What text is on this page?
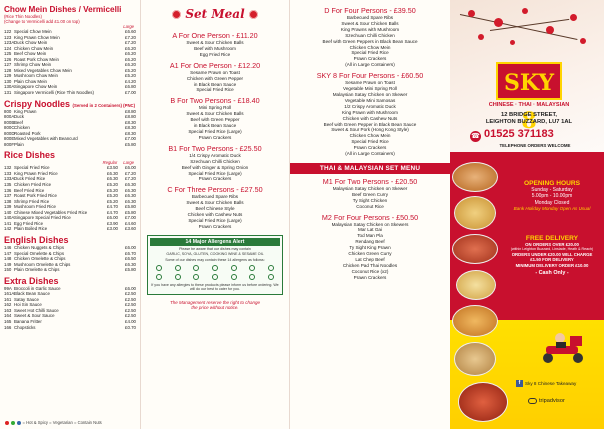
Chow Mein Dishes / Vermicelli
(Rice Thin Noodles)
(Change to Vermicelli add £1.00 on top)
Large
122 Special Chow Mein	£6.60
123 King Prawn Chow Mein	£7.20
123A Duck Chow Mein	£7.20
124 Chicken Chow Mein	£6.20
125 Beef Chow Mein	£6.20
126 Roast Pork Chow Mein	£6.20
127 Shrimp Chow Mein	£6.20
128 Mixed Vegetables Chow Mein	£5.20
129 Mushroom Chow Mein	£5.20
130 Plain Chow Mein	£4.20
130A Singapore Chow Mein	£6.80
131 Singapore Vermicelli (Rice Thin Noodles)	£7.00
Crispy Noodles (Served in 2 Containers) (PNC)
800 King Prawn	£8.80
800A Duck	£8.80
800B Beef	£8.30
800C Chicken	£8.30
800D Roasted Pork	£8.30
800E Mixed Vegetables with Beancurd	£7.00
800F Plain	£5.80
Rice Dishes
Regular Large
132 Special Fried Rice	£3.50	£6.00
133 King Prawn Fried Rice	£6.30	£7.20
133A Duck Fried Rice	£6.30	£7.20
135 Chicken Fried Rice	£5.20	£6.30
136 Beef Fried Rice	£5.20	£6.30
137 Roast Pork Fried Rice	£5.20	£6.30
138 Shrimp Fried Rice	£5.20	£6.30
139 Mushroom Fried Rice	£4.70	£5.80
140 Chinese Mixed Vegetables Fried Rice	£4.70	£5.80
140A Singapore Special Fried Rice	£6.00	£7.00
141 Egg Fried Rice	£3.90	£4.60
142 Plain Boiled Rice	£3.00	£3.60
English Dishes
146 Chicken Nuggets & Chips	£6.00
147 Special Omelette & Chips	£6.70
148 Chicken Omelette & Chips	£6.50
149 Mushroom Omelette & Chips	£6.30
150 Plain Omelette & Chips	£5.80
Extra Dishes
99A Broccoli in Garlic Sauce	£6.00
161A Black Bean Sauce	£2.50
161 Satay Sauce	£2.50
162 Hoi Sin Sauce	£2.50
163 Sweet Hot Chilli Sauce	£2.50
164 Sweet & Sour Sauce	£2.50
165 Banana Fritter	£4.00
166 Chopsticks	£0.70
= Hot & Spicy = Vegetarian = Contain Nuts
Set Meal
A For One Person - £11.20
Sweet & Sour Chicken Balls
Beef with Mushroom
Egg Fried Rice
A1 For One Person - £12.20
Sesame Prawn on Toast
Chicken with Green Pepper
in Black Bean Sauce
Special Fried Rice
B For Two Persons - £18.40
Mini Spring Roll
Sweet & Sour Chicken Balls
Beef with Green Pepper
in Black Bean Sauce
Special Fried Rice (Large)
Prawn Crackers
B1 For Two Persons - £25.50
1/4 Crispy Aromatic Duck
Szechuan Chilli Chicken
Beef with Ginger & Spring Onion
Special Fried Rice (Large)
Prawn Crackers
C For Three Persons - £27.50
Barbecued Spare Ribs
Sweet & Sour Chicken Balls
Beef Chinese Style
Chicken with Cashew Nuts
Special Fried Rice (Large)
Prawn Crackers
14 Major Allergens Alert
Please be aware that our dishes may contain
GARLIC, SOYA, GLUTEN, COOKING WINE & SESAME OIL
Some of our dishes may contain these 14 allergens as follows:
If you have any allergies to these products please inform us before ordering. We will do our best to cater for you.
The Management reserve the right to change
the price without notice.
D For Four Persons - £39.50
Barbecued Spare Ribs
Sweet & Sour Chicken Balls
King Prawns with Mushroom
Szechuan Chilli Chicken
Beef with Green Peppers in Black Bean Sauce
Chicken Chow Mein
Special Fried Rice
Prawn Crackers
(All in Large Containers)
SKY 8 For Four Persons - £60.50
Sesame Prawn on Toast
Vegetable Mini Spring Roll
Malaysian Satay Chicken on Skewer
Vegetable Mini Samosas
1/2 Crispy Aromatic Duck
King Prawn with Mushroom
Chicken with Cashew Nuts
Beef with Green Pepper in Black Bean Sauce
Sweet & Sour Pork (Hong Kong Style)
Chicken Chow Mein
Special Fried Rice
Prawn Crackers
(All in Large Containers)
THAI & MALAYSIAN SET MENU
M1 For Two Persons - £20.50
Malaysian Satay Chicken on Skewer
Beef Green Curry
Ty Sight Chicken
Coconut Rice
M2 For Four Persons - £50.50
Malaysian Satay Chicken on Skewers
Mar Lat Gai
Tod Man Pla
Rendang Beef
Ty Sight King Prawn
Chicken Green Curry
Lat Chep Beef
Chicken Pad Thai Noodles
Coconut Rice (x2)
Prawn Crackers
SKY 8
CHINESE · THAI · MALAYSIAN
12 BRIDGE STREET,
LEIGHTON BUZZARD, LU7 1AL
☎ 01525 371183
TELEPHONE ORDERS WELCOME
OPENING HOURS
Sunday - Saturday
5.00pm - 10.00pm
Monday Closed
Bank Holiday Monday Open As Usual
FREE DELIVERY
ON ORDERS OVER £20.00
(within Leighton Buzzard, Linslade, Heath & Reach)
ORDERS UNDER £20.00 WILL CHARGE
£1.50 FOR DELIVERY
MINIMUM DELIVERY ORDER £10.00
- Cash Only -
f	Sky 8 Chinese Takeaway
tripadvisor
